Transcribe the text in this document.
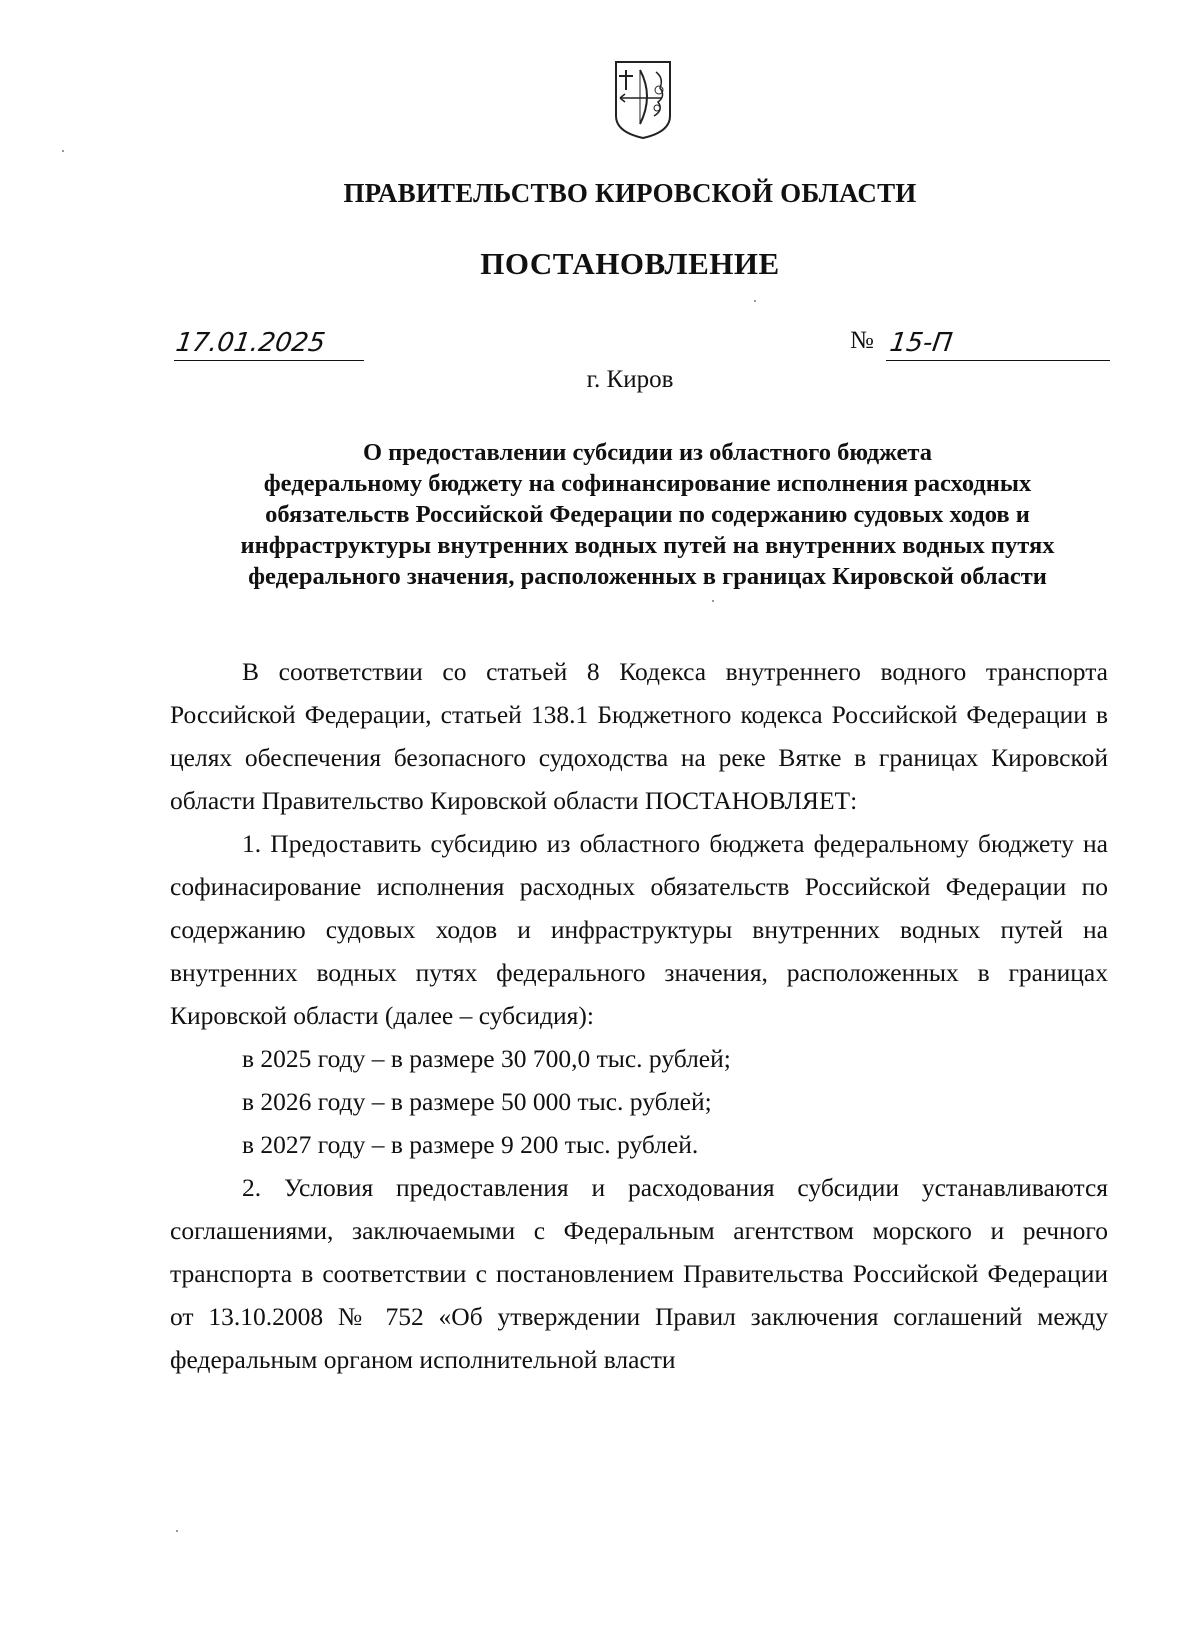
ПРАВИТЕЛЬСТВО КИРОВСКОЙ ОБЛАСТИ
ПОСТАНОВЛЕНИЕ
17.01.2025	№ 15-П
г. Киров
О предоставлении субсидии из областного бюджета
федеральному бюджету на софинансирование исполнения расходных
обязательств Российской Федерации по содержанию судовых ходов и
инфраструктуры внутренних водных путей на внутренних водных путях
федерального значения, расположенных в границах Кировской области

В соответствии со статьей 8 Кодекса внутреннего водного транспорта Российской Федерации, статьей 138.1 Бюджетного кодекса Российской Федерации в целях обеспечения безопасного судоходства на реке Вятке в границах Кировской области Правительство Кировской области ПОСТАНОВЛЯЕТ:

1. Предоставить субсидию из областного бюджета федеральному бюджету на софинасирование исполнения расходных обязательств Российской Федерации по содержанию судовых ходов и инфраструктуры внутренних водных путей на внутренних водных путях федерального значения, расположенных в границах Кировской области (далее – субсидия):

в 2025 году – в размере 30 700,0 тыс. рублей;

в 2026 году – в размере 50 000 тыс. рублей;

в 2027 году – в размере 9 200 тыс. рублей.

2. Условия предоставления и расходования субсидии устанавливаются соглашениями, заключаемыми с Федеральным агентством морского и речного транспорта в соответствии с постановлением Правительства Российской Федерации от 13.10.2008 № 752 «Об утверждении Правил заключения соглашений между федеральным органом исполнительной власти
